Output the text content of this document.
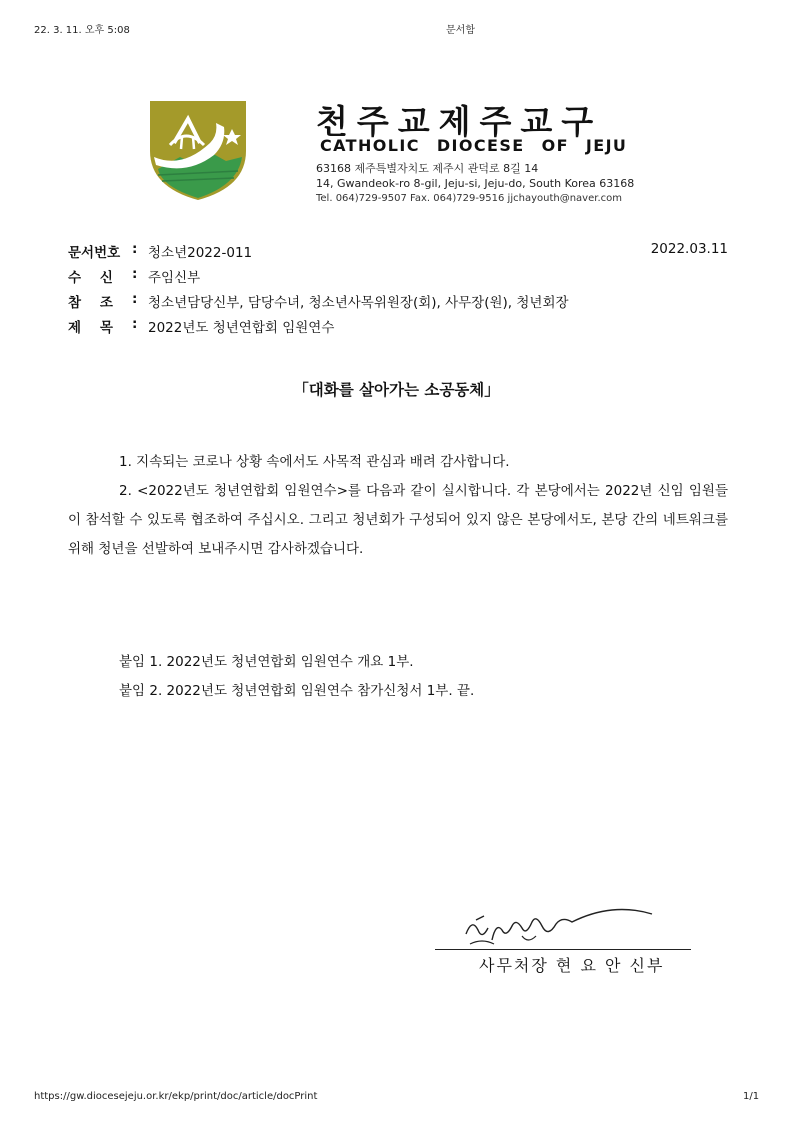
22. 3. 11. 오후 5:08	문서함
천주교제주교구
CATHOLIC DIOCESE OF JEJU
63168 제주특별자치도 제주시 관덕로 8길 14
14, Gwandeok-ro 8-gil, Jeju-si, Jeju-do, South Korea 63168
Tel. 064)729-9507 Fax. 064)729-9516 jjchayouth@naver.com
문서번호 : 청소년2022-011	2022.03.11
수    신 : 주임신부
참    조 : 청소년담당신부, 담당수녀, 청소년사목위원장(회), 사무장(원), 청년회장
제    목 : 2022년도 청년연합회 임원연수
「대화를 살아가는 소공동체」
1. 지속되는 코로나 상황 속에서도 사목적 관심과 배려 감사합니다.
2. <2022년도 청년연합회 임원연수>를 다음과 같이 실시합니다. 각 본당에서는 2022년 신임 임원들이 참석할 수 있도록 협조하여 주십시오. 그리고 청년회가 구성되어 있지 않은 본당에서도, 본당 간의 네트워크를 위해 청년을 선발하여 보내주시면 감사하겠습니다.
붙임 1. 2022년도 청년연합회 임원연수 개요 1부.
붙임 2. 2022년도 청년연합회 임원연수 참가신청서 1부. 끝.
사무처장 현 요 안 신부
https://gw.diocesejeju.or.kr/ekp/print/doc/article/docPrint	1/1
